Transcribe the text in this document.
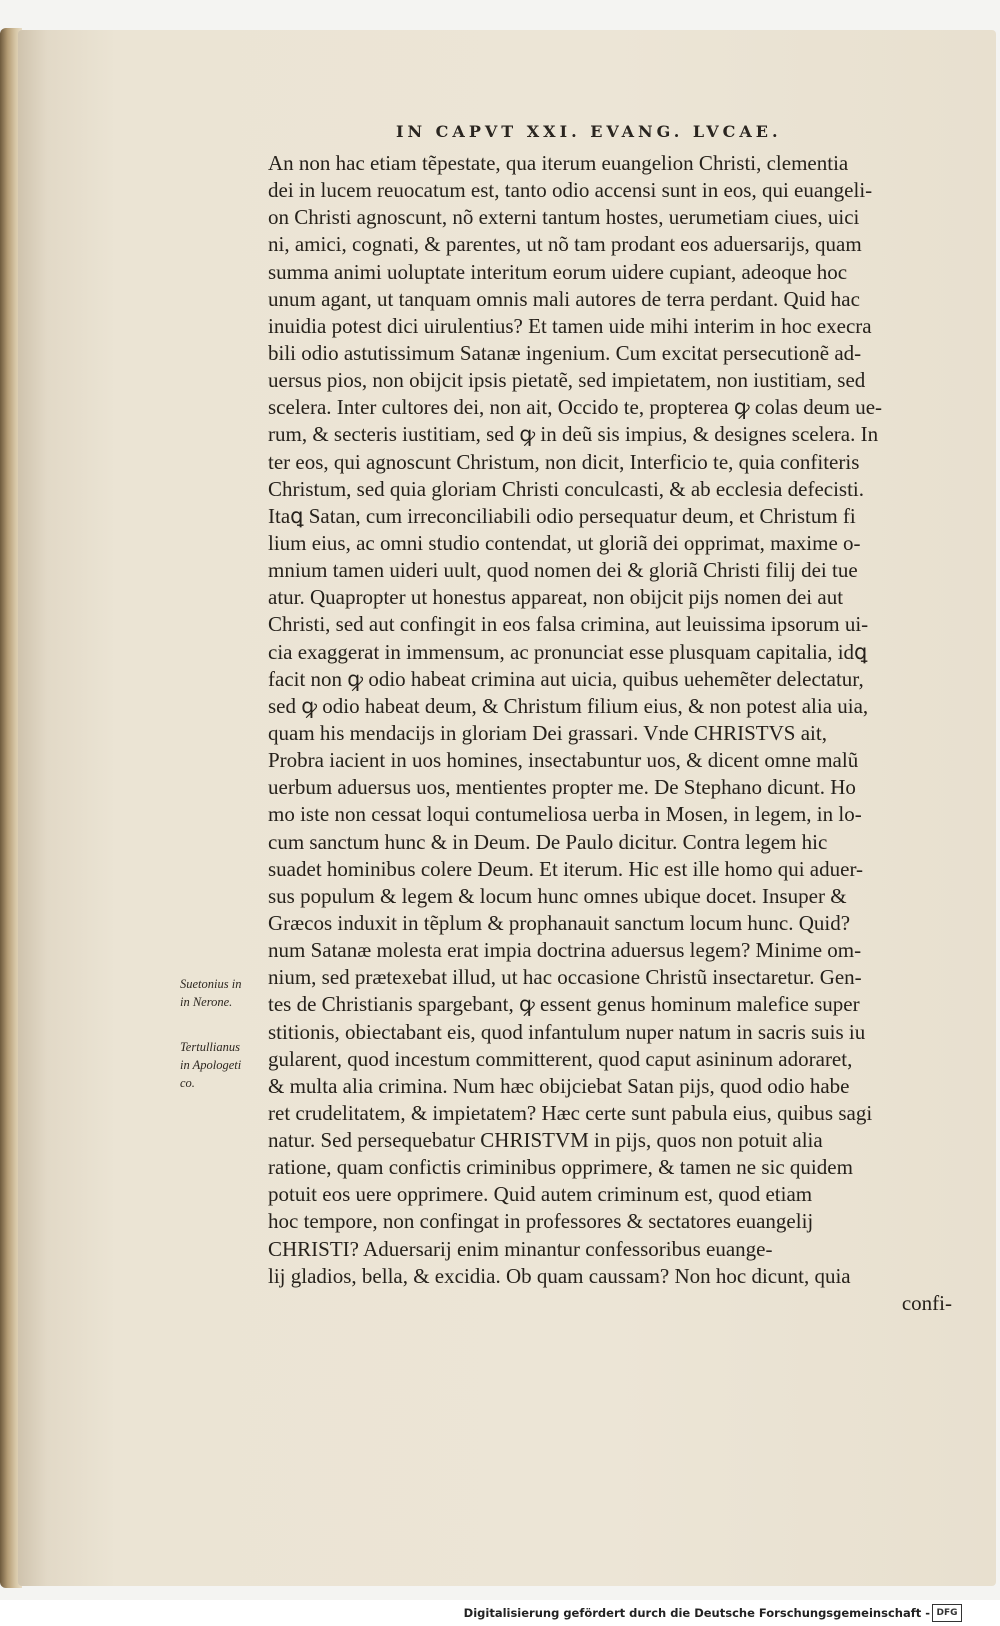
IN CAPVT XXI. EVANG. LVCAE.
An non hac etiam tẽpestate, qua iterum euangelion Christi, clementia
dei in lucem reuocatum est, tanto odio accensi sunt in eos, qui euangeli-
on Christi agnoscunt, nõ externi tantum hostes, uerumetiam ciues, uici
ni, amici, cognati, & parentes, ut nõ tam prodant eos aduersarijs, quam
summa animi uoluptate interitum eorum uidere cupiant, adeoque hoc
unum agant, ut tanquam omnis mali autores de terra perdant. Quid hac
inuidia potest dici uirulentius? Et tamen uide mihi interim in hoc execra
bili odio astutissimum Satanæ ingenium. Cum excitat persecutionẽ ad-
uersus pios, non obijcit ipsis pietatẽ, sed impietatem, non iustitiam, sed
scelera. Inter cultores dei, non ait, Occido te, propterea ꝙ colas deum ue-
rum, & secteris iustitiam, sed ꝙ in deũ sis impius, & designes scelera. In
ter eos, qui agnoscunt Christum, non dicit, Interficio te, quia confiteris
Christum, sed quia gloriam Christi conculcasti, & ab ecclesia defecisti.
Itaꝗ Satan, cum irreconciliabili odio persequatur deum, et Christum fi
lium eius, ac omni studio contendat, ut gloriã dei opprimat, maxime o-
mnium tamen uideri uult, quod nomen dei & gloriã Christi filij dei tue
atur. Quapropter ut honestus appareat, non obijcit pijs nomen dei aut
Christi, sed aut confingit in eos falsa crimina, aut leuissima ipsorum ui-
cia exaggerat in immensum, ac pronunciat esse plusquam capitalia, idꝗ
facit non ꝙ odio habeat crimina aut uicia, quibus uehemẽter delectatur,
sed ꝙ odio habeat deum, & Christum filium eius, & non potest alia uia,
quam his mendacijs in gloriam Dei grassari. Vnde CHRISTVS ait,
Probra iacient in uos homines, insectabuntur uos, & dicent omne malũ
uerbum aduersus uos, mentientes propter me. De Stephano dicunt. Ho
mo iste non cessat loqui contumeliosa uerba in Mosen, in legem, in lo-
cum sanctum hunc & in Deum. De Paulo dicitur. Contra legem hic
suadet hominibus colere Deum. Et iterum. Hic est ille homo qui aduer-
sus populum & legem & locum hunc omnes ubique docet. Insuper &
Græcos induxit in tẽplum & prophanauit sanctum locum hunc. Quid?
num Satanæ molesta erat impia doctrina aduersus legem? Minime om-
nium, sed prætexebat illud, ut hac occasione Christũ insectaretur. Gen-
tes de Christianis spargebant, ꝙ essent genus hominum malefice super
stitionis, obiectabant eis, quod infantulum nuper natum in sacris suis iu
gularent, quod incestum committerent, quod caput asininum adoraret,
& multa alia crimina. Num hæc obijciebat Satan pijs, quod odio habe
ret crudelitatem, & impietatem? Hæc certe sunt pabula eius, quibus sagi
natur. Sed persequebatur CHRISTVM in pijs, quos non potuit alia
ratione, quam confictis criminibus opprimere, & tamen ne sic quidem
potuit eos uere opprimere. Quid autem criminum est, quod etiam
hoc tempore, non confingat in professores & sectatores euangelij
CHRISTI? Aduersarij enim minantur confessoribus euange-
lij gladios, bella, & excidia. Ob quam caussam? Non hoc dicunt, quia
confi-
Suetonius in
in Nerone.
Tertullianus
in Apologeti
co.
Digitalisierung gefördert durch die Deutsche Forschungsgemeinschaft - DFG
